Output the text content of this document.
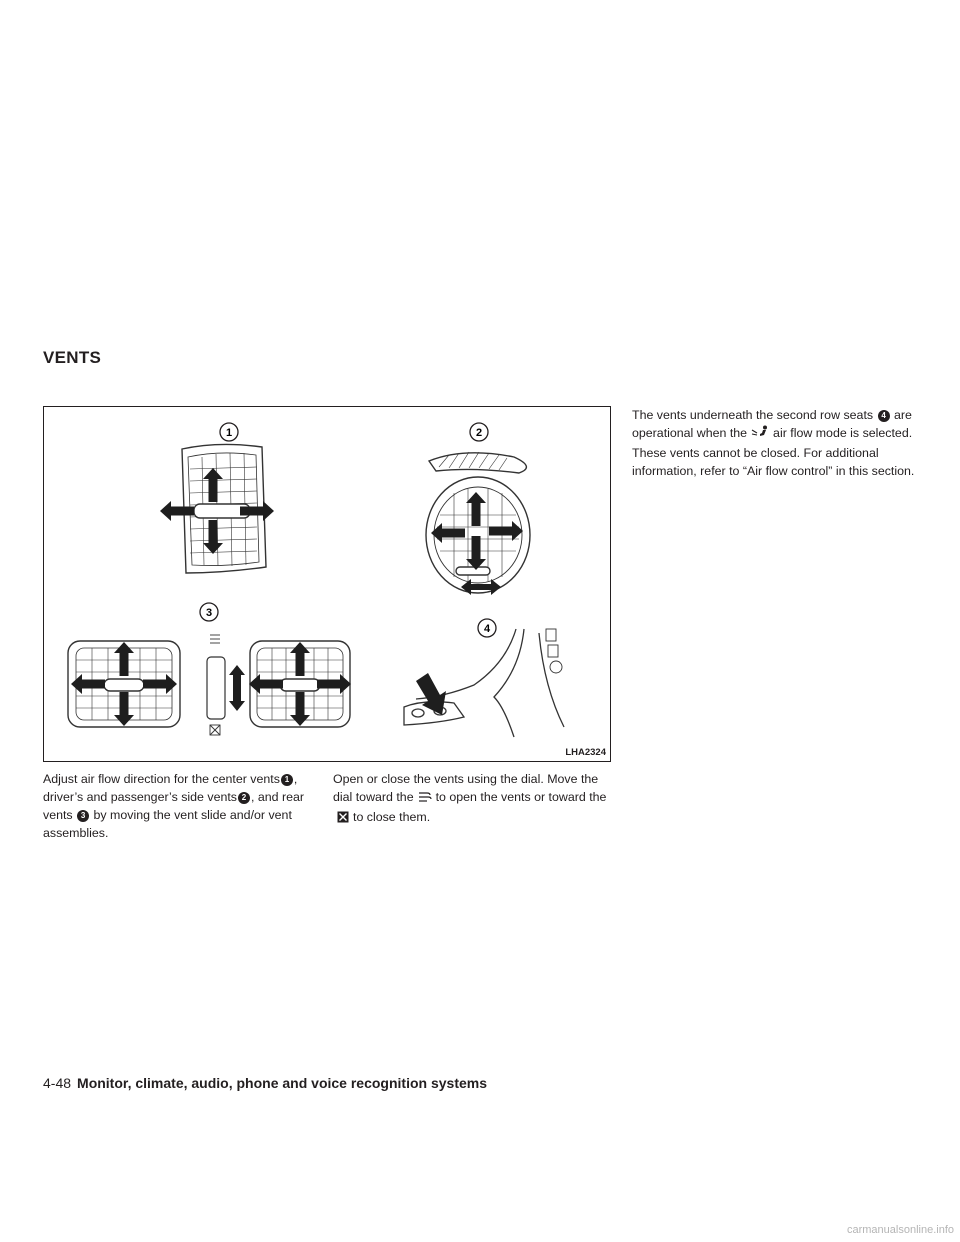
VENTS
1	2
3
4
LHA2324

Adjust air flow direction for the center vents 1 , driver’s and passenger’s side vents 2 , and rear vents 3 by moving the vent slide and/or vent assemblies.

Open or close the vents using the dial. Move the dial toward the to open the vents or toward theto close them.

The vents underneath the second row seats 4 are operational when the air flow mode is selected. These vents cannot be closed. For additional information, refer to “Air flow control” in this section.

4-48 Monitor, climate, audio, phone and voice recognition systems
carmanualsonline.info
